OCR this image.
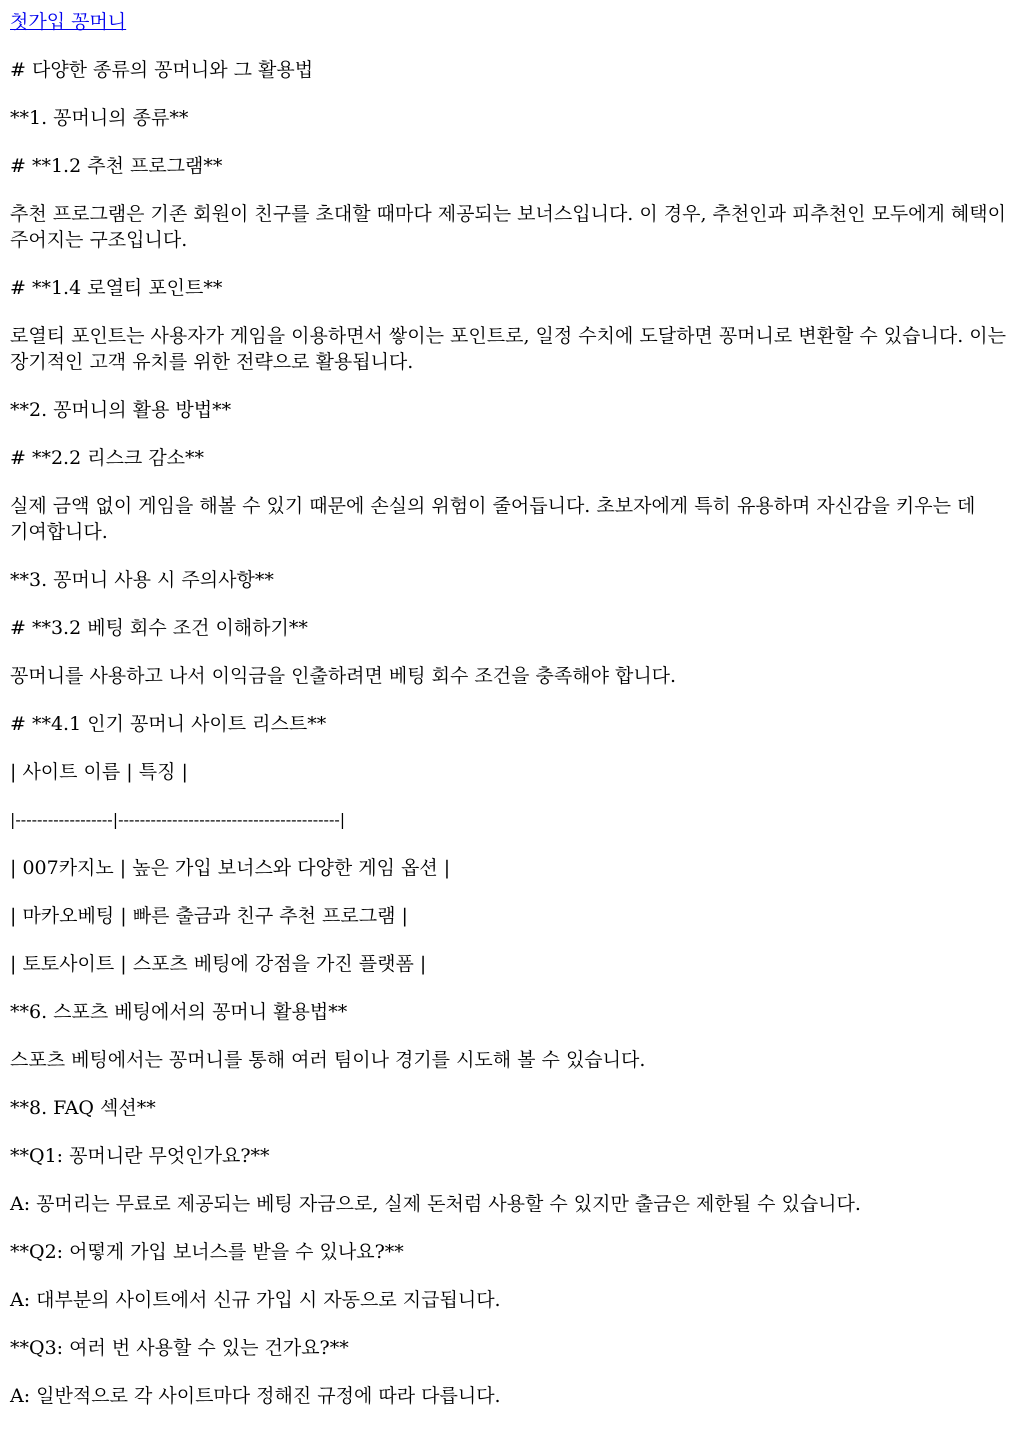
첫가입 꽁머니

# 다양한 종류의 꽁머니와 그 활용법

**1. 꽁머니의 종류**

# **1.2 추천 프로그램**

추천 프로그램은 기존 회원이 친구를 초대할 때마다 제공되는 보너스입니다. 이 경우, 추천인과 피추천인 모두에게 혜택이 주어지는 구조입니다.

# **1.4 로열티 포인트**

로열티 포인트는 사용자가 게임을 이용하면서 쌓이는 포인트로, 일정 수치에 도달하면 꽁머니로 변환할 수 있습니다. 이는 장기적인 고객 유치를 위한 전략으로 활용됩니다.

**2. 꽁머니의 활용 방법**

# **2.2 리스크 감소**

실제 금액 없이 게임을 해볼 수 있기 때문에 손실의 위험이 줄어듭니다. 초보자에게 특히 유용하며 자신감을 키우는 데 기여합니다.

**3. 꽁머니 사용 시 주의사항**

# **3.2 베팅 회수 조건 이해하기**

꽁머니를 사용하고 나서 이익금을 인출하려면 베팅 회수 조건을 충족해야 합니다.

# **4.1 인기 꽁머니 사이트 리스트**

| 사이트 이름 | 특징 |

|------------------|-----------------------------------------|

| 007카지노 | 높은 가입 보너스와 다양한 게임 옵션 |

| 마카오베팅 | 빠른 출금과 친구 추천 프로그램 |

| 토토사이트 | 스포츠 베팅에 강점을 가진 플랫폼 |

**6. 스포츠 베팅에서의 꽁머니 활용법**

스포츠 베팅에서는 꽁머니를 통해 여러 팀이나 경기를 시도해 볼 수 있습니다.

**8. FAQ 섹션**

**Q1: 꽁머니란 무엇인가요?**

A: 꽁머리는 무료로 제공되는 베팅 자금으로, 실제 돈처럼 사용할 수 있지만 출금은 제한될 수 있습니다.

**Q2: 어떻게 가입 보너스를 받을 수 있나요?**

A: 대부분의 사이트에서 신규 가입 시 자동으로 지급됩니다.

**Q3: 여러 번 사용할 수 있는 건가요?**

A: 일반적으로 각 사이트마다 정해진 규정에 따라 다릅니다.
